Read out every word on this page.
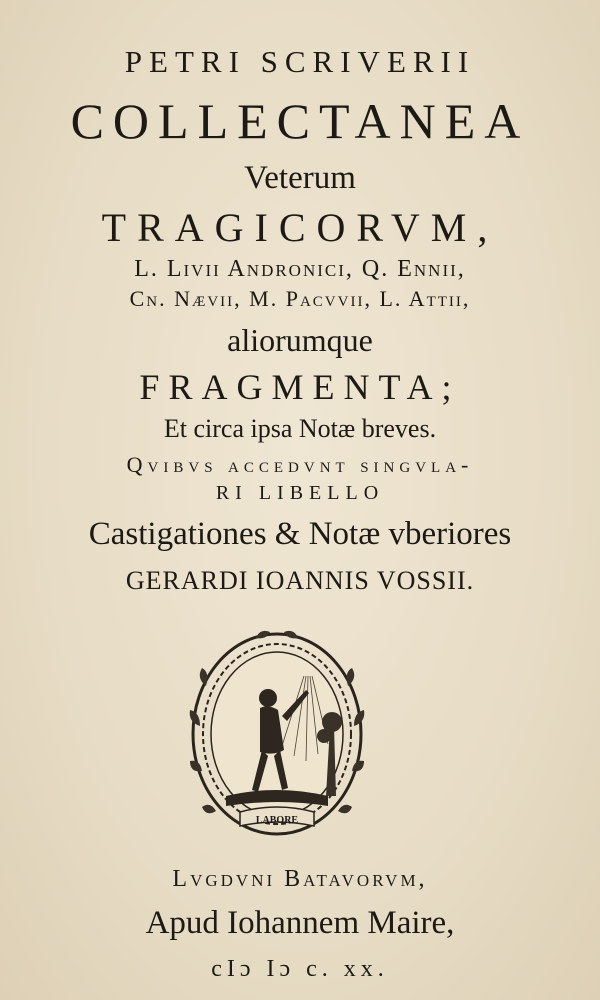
PETRI SCRIVERII
COLLECTANEA
Veterum
TRAGICORVM,
L. Livii Andronici, Q. Ennii,
Cn. Nævii, M. Pacvvii, L. Attii,
aliorumque
FRAGMENTA;
Et circa ipsa Notæ breves.
Qvibvs accedvnt singvla-
RI LIBELLO
Castigationes & Notæ vberiores
GERARDI IOANNIS VOSSII.
LABORE
Lvgdvni Batavorvm,
Apud Iohannem Maire,
cIɔ Iɔ c. xx.
